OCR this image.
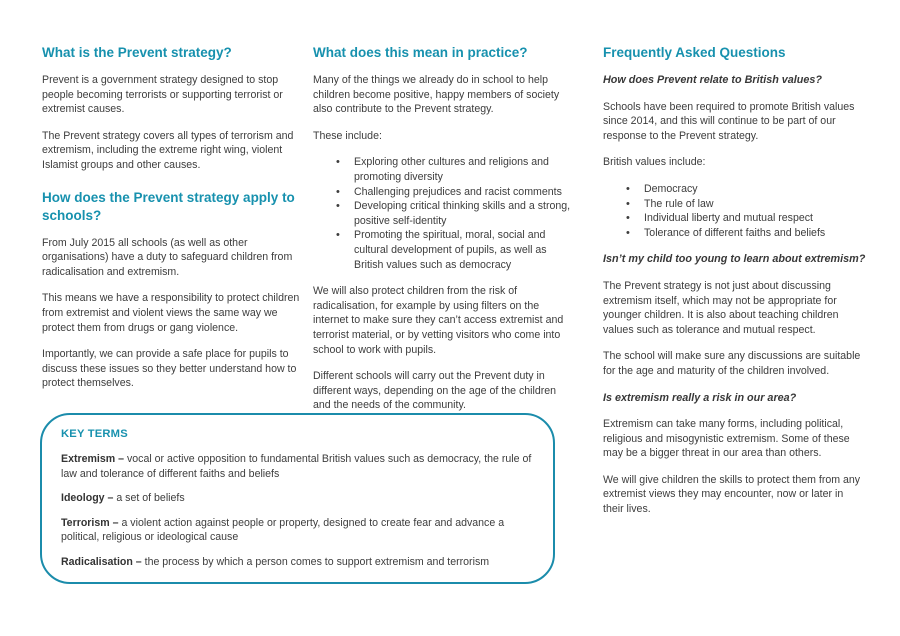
What is the Prevent strategy?

Prevent is a government strategy designed to stop people becoming terrorists or supporting terrorist or extremist causes.

The Prevent strategy covers all types of terrorism and extremism, including the extreme right wing, violent Islamist groups and other causes.

How does the Prevent strategy apply to schools?

From July 2015 all schools (as well as other organisations) have a duty to safeguard children from radicalisation and extremism.

This means we have a responsibility to protect children from extremist and violent views the same way we protect them from drugs or gang violence.

Importantly, we can provide a safe place for pupils to discuss these issues so they better understand how to protect themselves.

What does this mean in practice?

Many of the things we already do in school to help children become positive, happy members of society also contribute to the Prevent strategy.

These include:

• Exploring other cultures and religions and promoting diversity
• Challenging prejudices and racist comments
• Developing critical thinking skills and a strong, positive self-identity
• Promoting the spiritual, moral, social and cultural development of pupils, as well as British values such as democracy

We will also protect children from the risk of radicalisation, for example by using filters on the internet to make sure they can’t access extremist and terrorist material, or by vetting visitors who come into school to work with pupils.

Different schools will carry out the Prevent duty in different ways, depending on the age of the children and the needs of the community.

Frequently Asked Questions

How does Prevent relate to British values?

Schools have been required to promote British values since 2014, and this will continue to be part of our response to the Prevent strategy.

British values include:

• Democracy
• The rule of law
• Individual liberty and mutual respect
• Tolerance of different faiths and beliefs

Isn’t my child too young to learn about extremism?

The Prevent strategy is not just about discussing extremism itself, which may not be appropriate for younger children. It is also about teaching children values such as tolerance and mutual respect.

The school will make sure any discussions are suitable for the age and maturity of the children involved.

Is extremism really a risk in our area?

Extremism can take many forms, including political, religious and misogynistic extremism. Some of these may be a bigger threat in our area than others.

We will give children the skills to protect them from any extremist views they may encounter, now or later in their lives.

KEY TERMS

Extremism – vocal or active opposition to fundamental British values such as democracy, the rule of law and tolerance of different faiths and beliefs

Ideology – a set of beliefs

Terrorism – a violent action against people or property, designed to create fear and advance a political, religious or ideological cause

Radicalisation – the process by which a person comes to support extremism and terrorism
